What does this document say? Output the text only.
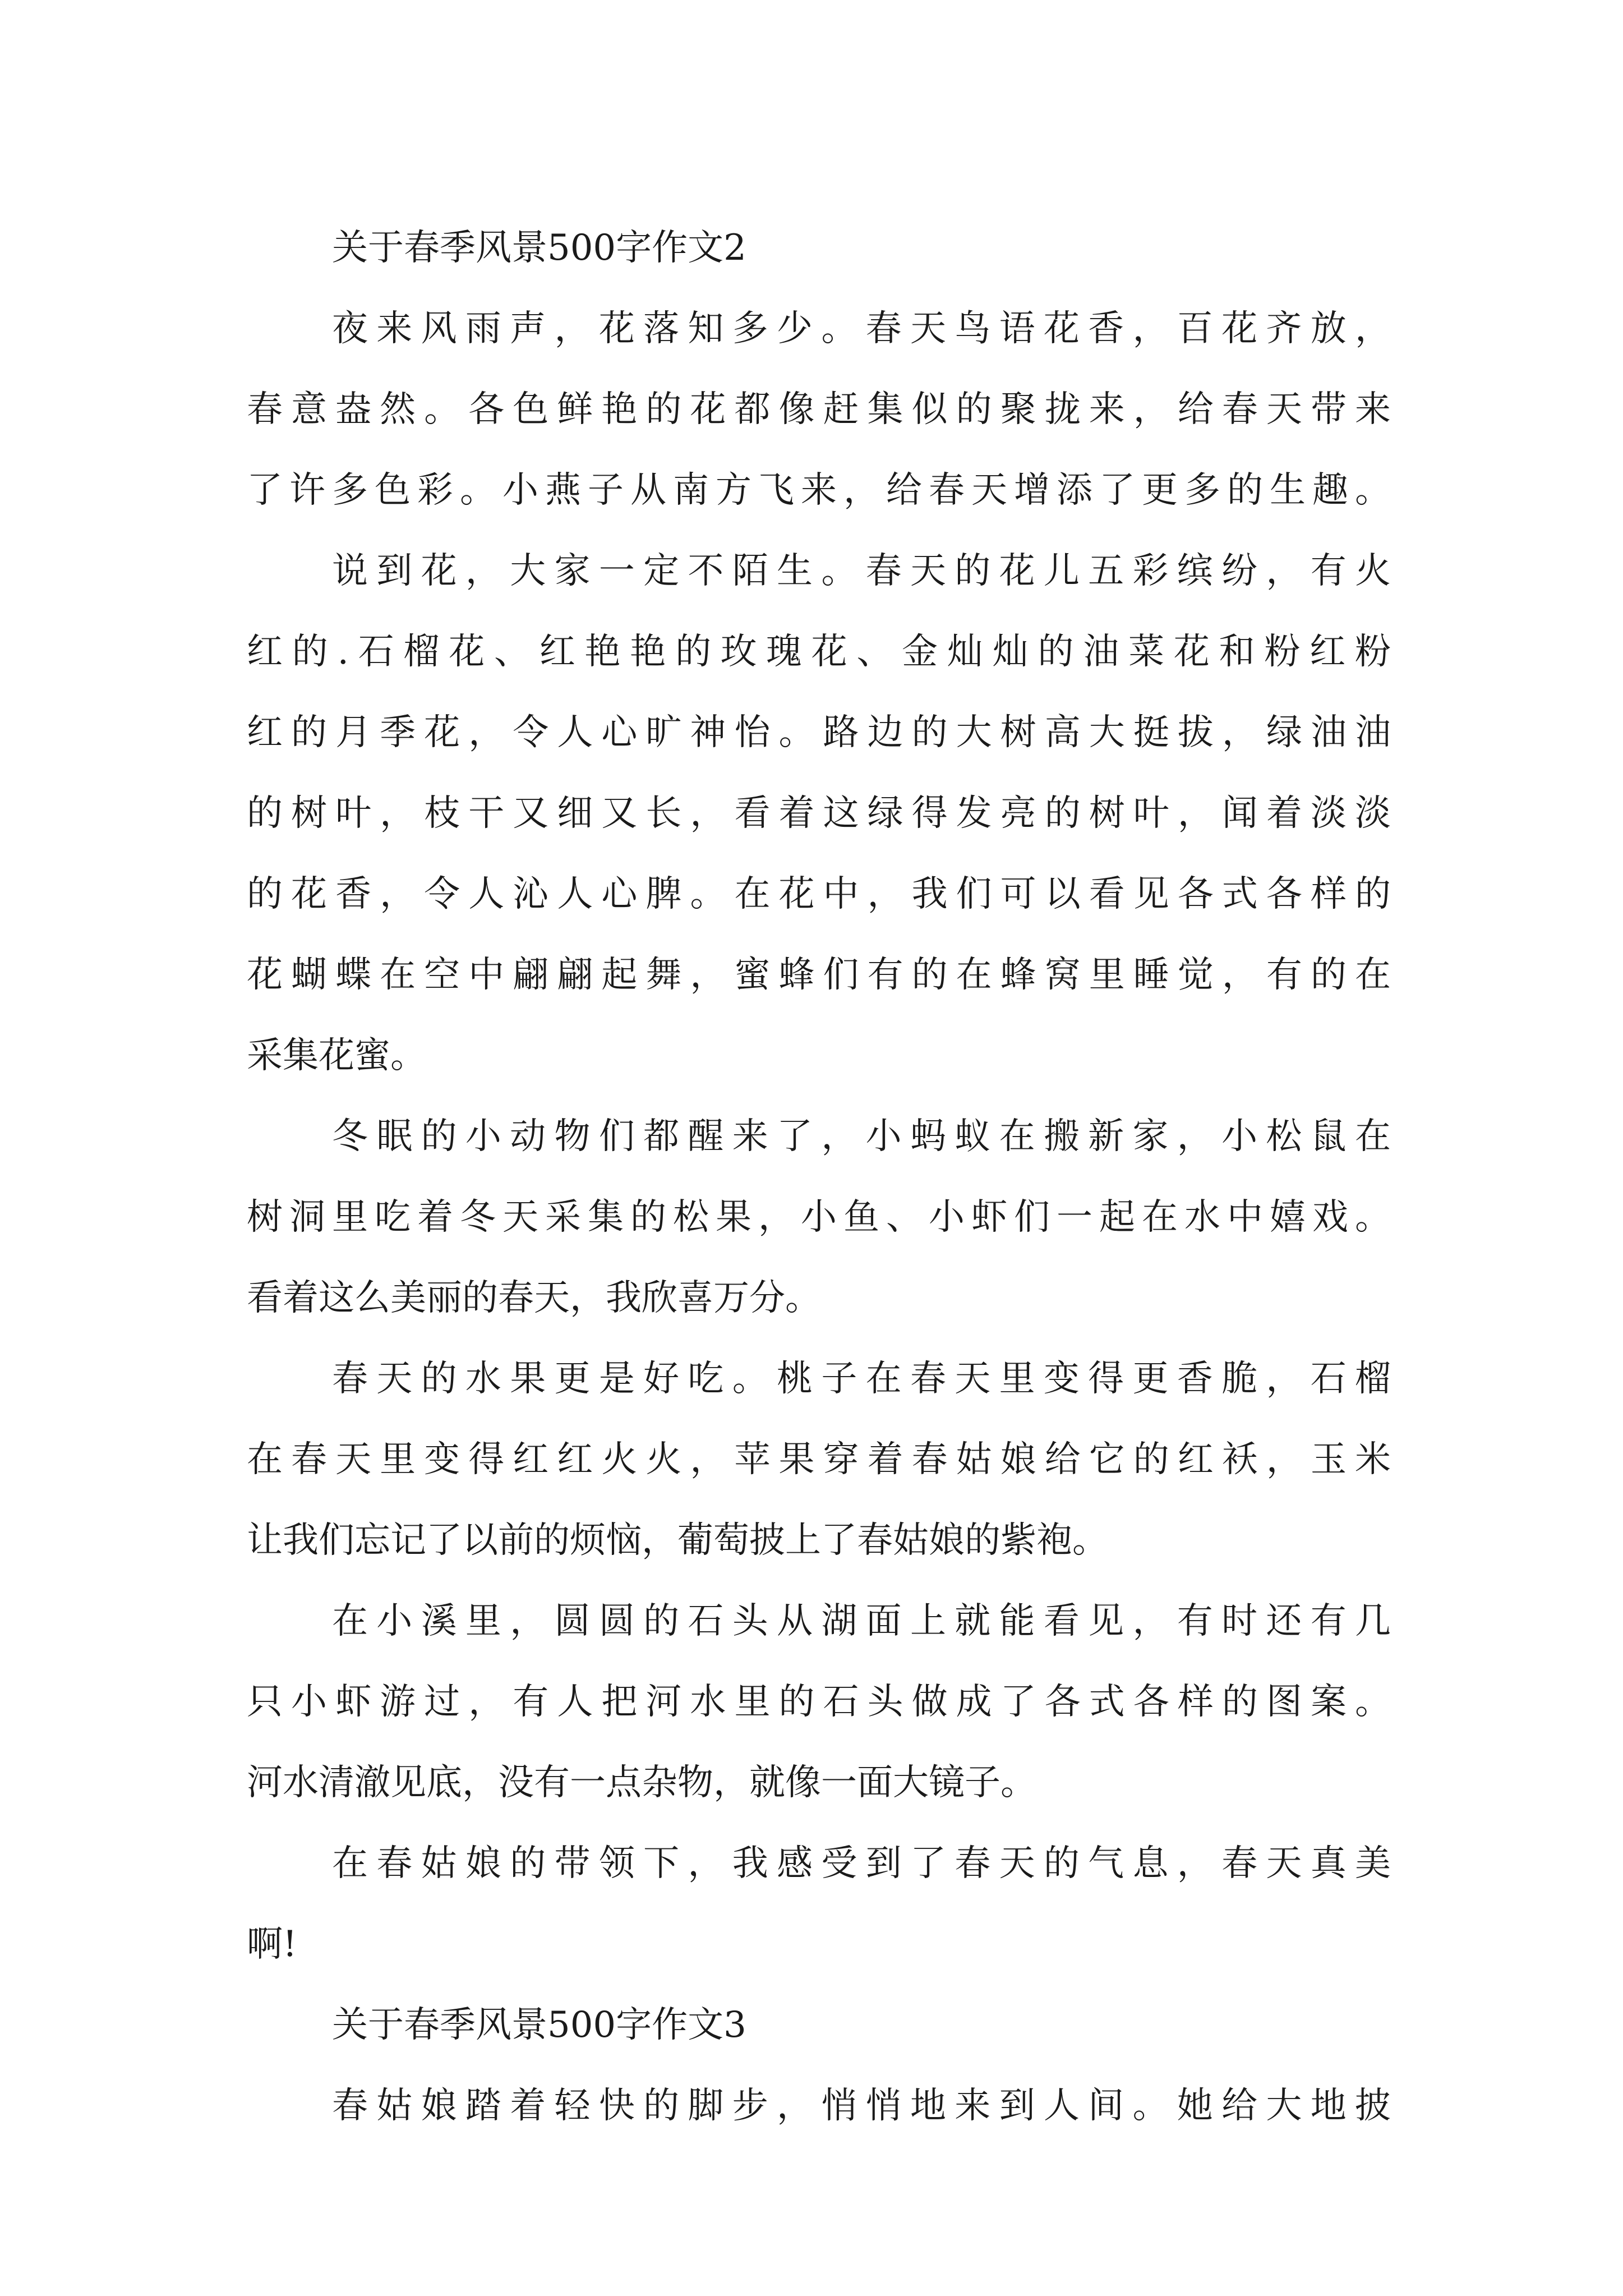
关于春季风景500字作文2
夜来风雨声，花落知多少。春天鸟语花香，百花齐放，
春意盎然。各色鲜艳的花都像赶集似的聚拢来，给春天带来
了许多色彩。小燕子从南方飞来，给春天增添了更多的生趣。
说到花，大家一定不陌生。春天的花儿五彩缤纷，有火
红的.石榴花、红艳艳的玫瑰花、金灿灿的油菜花和粉红粉
红的月季花，令人心旷神怡。路边的大树高大挺拔，绿油油
的树叶，枝干又细又长，看着这绿得发亮的树叶，闻着淡淡
的花香，令人沁人心脾。在花中，我们可以看见各式各样的
花蝴蝶在空中翩翩起舞，蜜蜂们有的在蜂窝里睡觉，有的在
采集花蜜。
冬眠的小动物们都醒来了，小蚂蚁在搬新家，小松鼠在
树洞里吃着冬天采集的松果，小鱼、小虾们一起在水中嬉戏。
看着这么美丽的春天，我欣喜万分。
春天的水果更是好吃。桃子在春天里变得更香脆，石榴
在春天里变得红红火火，苹果穿着春姑娘给它的红袄，玉米
让我们忘记了以前的烦恼，葡萄披上了春姑娘的紫袍。
在小溪里，圆圆的石头从湖面上就能看见，有时还有几
只小虾游过，有人把河水里的石头做成了各式各样的图案。
河水清澈见底，没有一点杂物，就像一面大镜子。
在春姑娘的带领下，我感受到了春天的气息，春天真美
啊!
关于春季风景500字作文3
春姑娘踏着轻快的脚步，悄悄地来到人间。她给大地披
